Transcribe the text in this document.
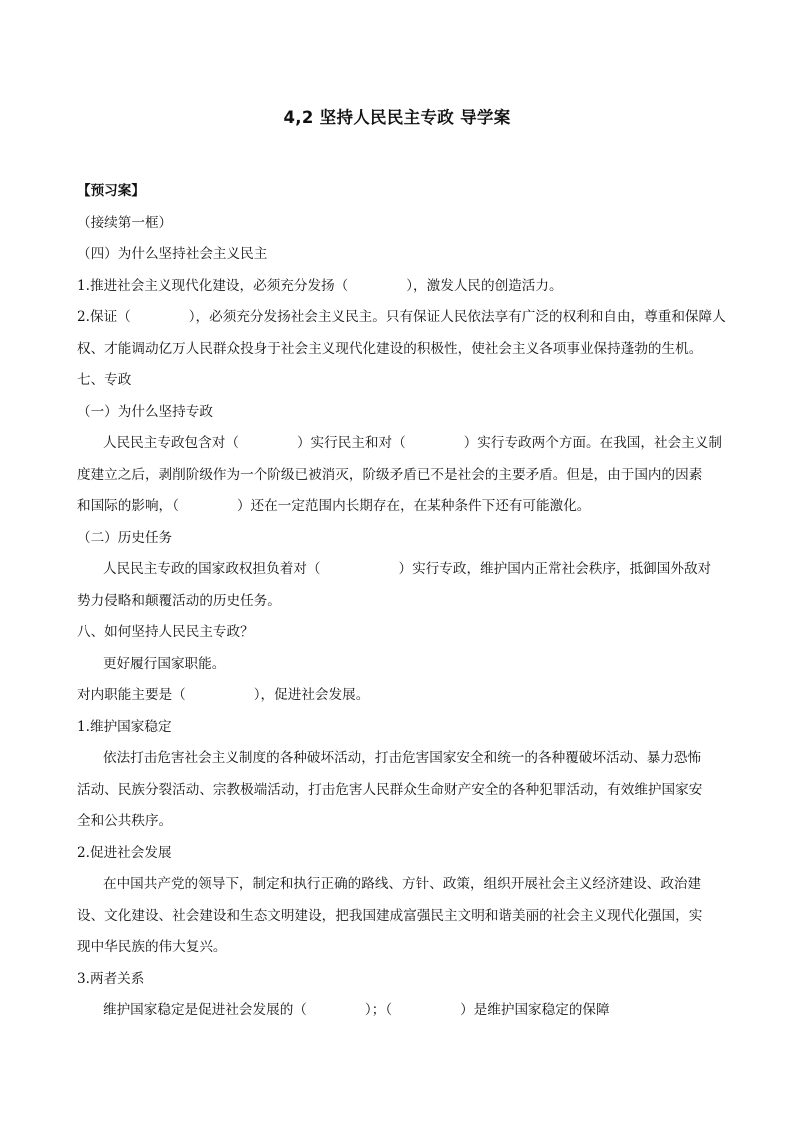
4,2 坚持人民民主专政 导学案

【预习案】

（接续第一框）

（四）为什么坚持社会主义民主

1.推进社会主义现代化建设，必须充分发扬（	），激发人民的创造活力。

2.保证（	），必须充分发扬社会主义民主。只有保证人民依法享有广泛的权利和自由，尊重和保障人

权、才能调动亿万人民群众投身于社会主义现代化建设的积极性，使社会主义各项事业保持蓬勃的生机。

七、专政

（一）为什么坚持专政

人民民主专政包含对（	）实行民主和对（	）实行专政两个方面。在我国，社会主义制

度建立之后，剥削阶级作为一个阶级已被消灭，阶级矛盾已不是社会的主要矛盾。但是，由于国内的因素

和国际的影响，（	）还在一定范围内长期存在，在某种条件下还有可能激化。

（二）历史任务

人民民主专政的国家政权担负着对（	）实行专政，维护国内正常社会秩序，抵御国外敌对

势力侵略和颠覆活动的历史任务。

八、如何坚持人民民主专政？

更好履行国家职能。

对内职能主要是（	），促进社会发展。

1.维护国家稳定

依法打击危害社会主义制度的各种破坏活动，打击危害国家安全和统一的各种覆破坏活动、暴力恐怖

活动、民族分裂活动、宗教极端活动，打击危害人民群众生命财产安全的各种犯罪活动，有效维护国家安

全和公共秩序。

2.促进社会发展

在中国共产党的领导下，制定和执行正确的路线、方针、政策，组织开展社会主义经济建设、政治建

设、文化建设、社会建设和生态文明建设，把我国建成富强民主文明和谐美丽的社会主义现代化强国，实

现中华民族的伟大复兴。

3.两者关系

维护国家稳定是促进社会发展的（	）；（	）是维护国家稳定的保障
